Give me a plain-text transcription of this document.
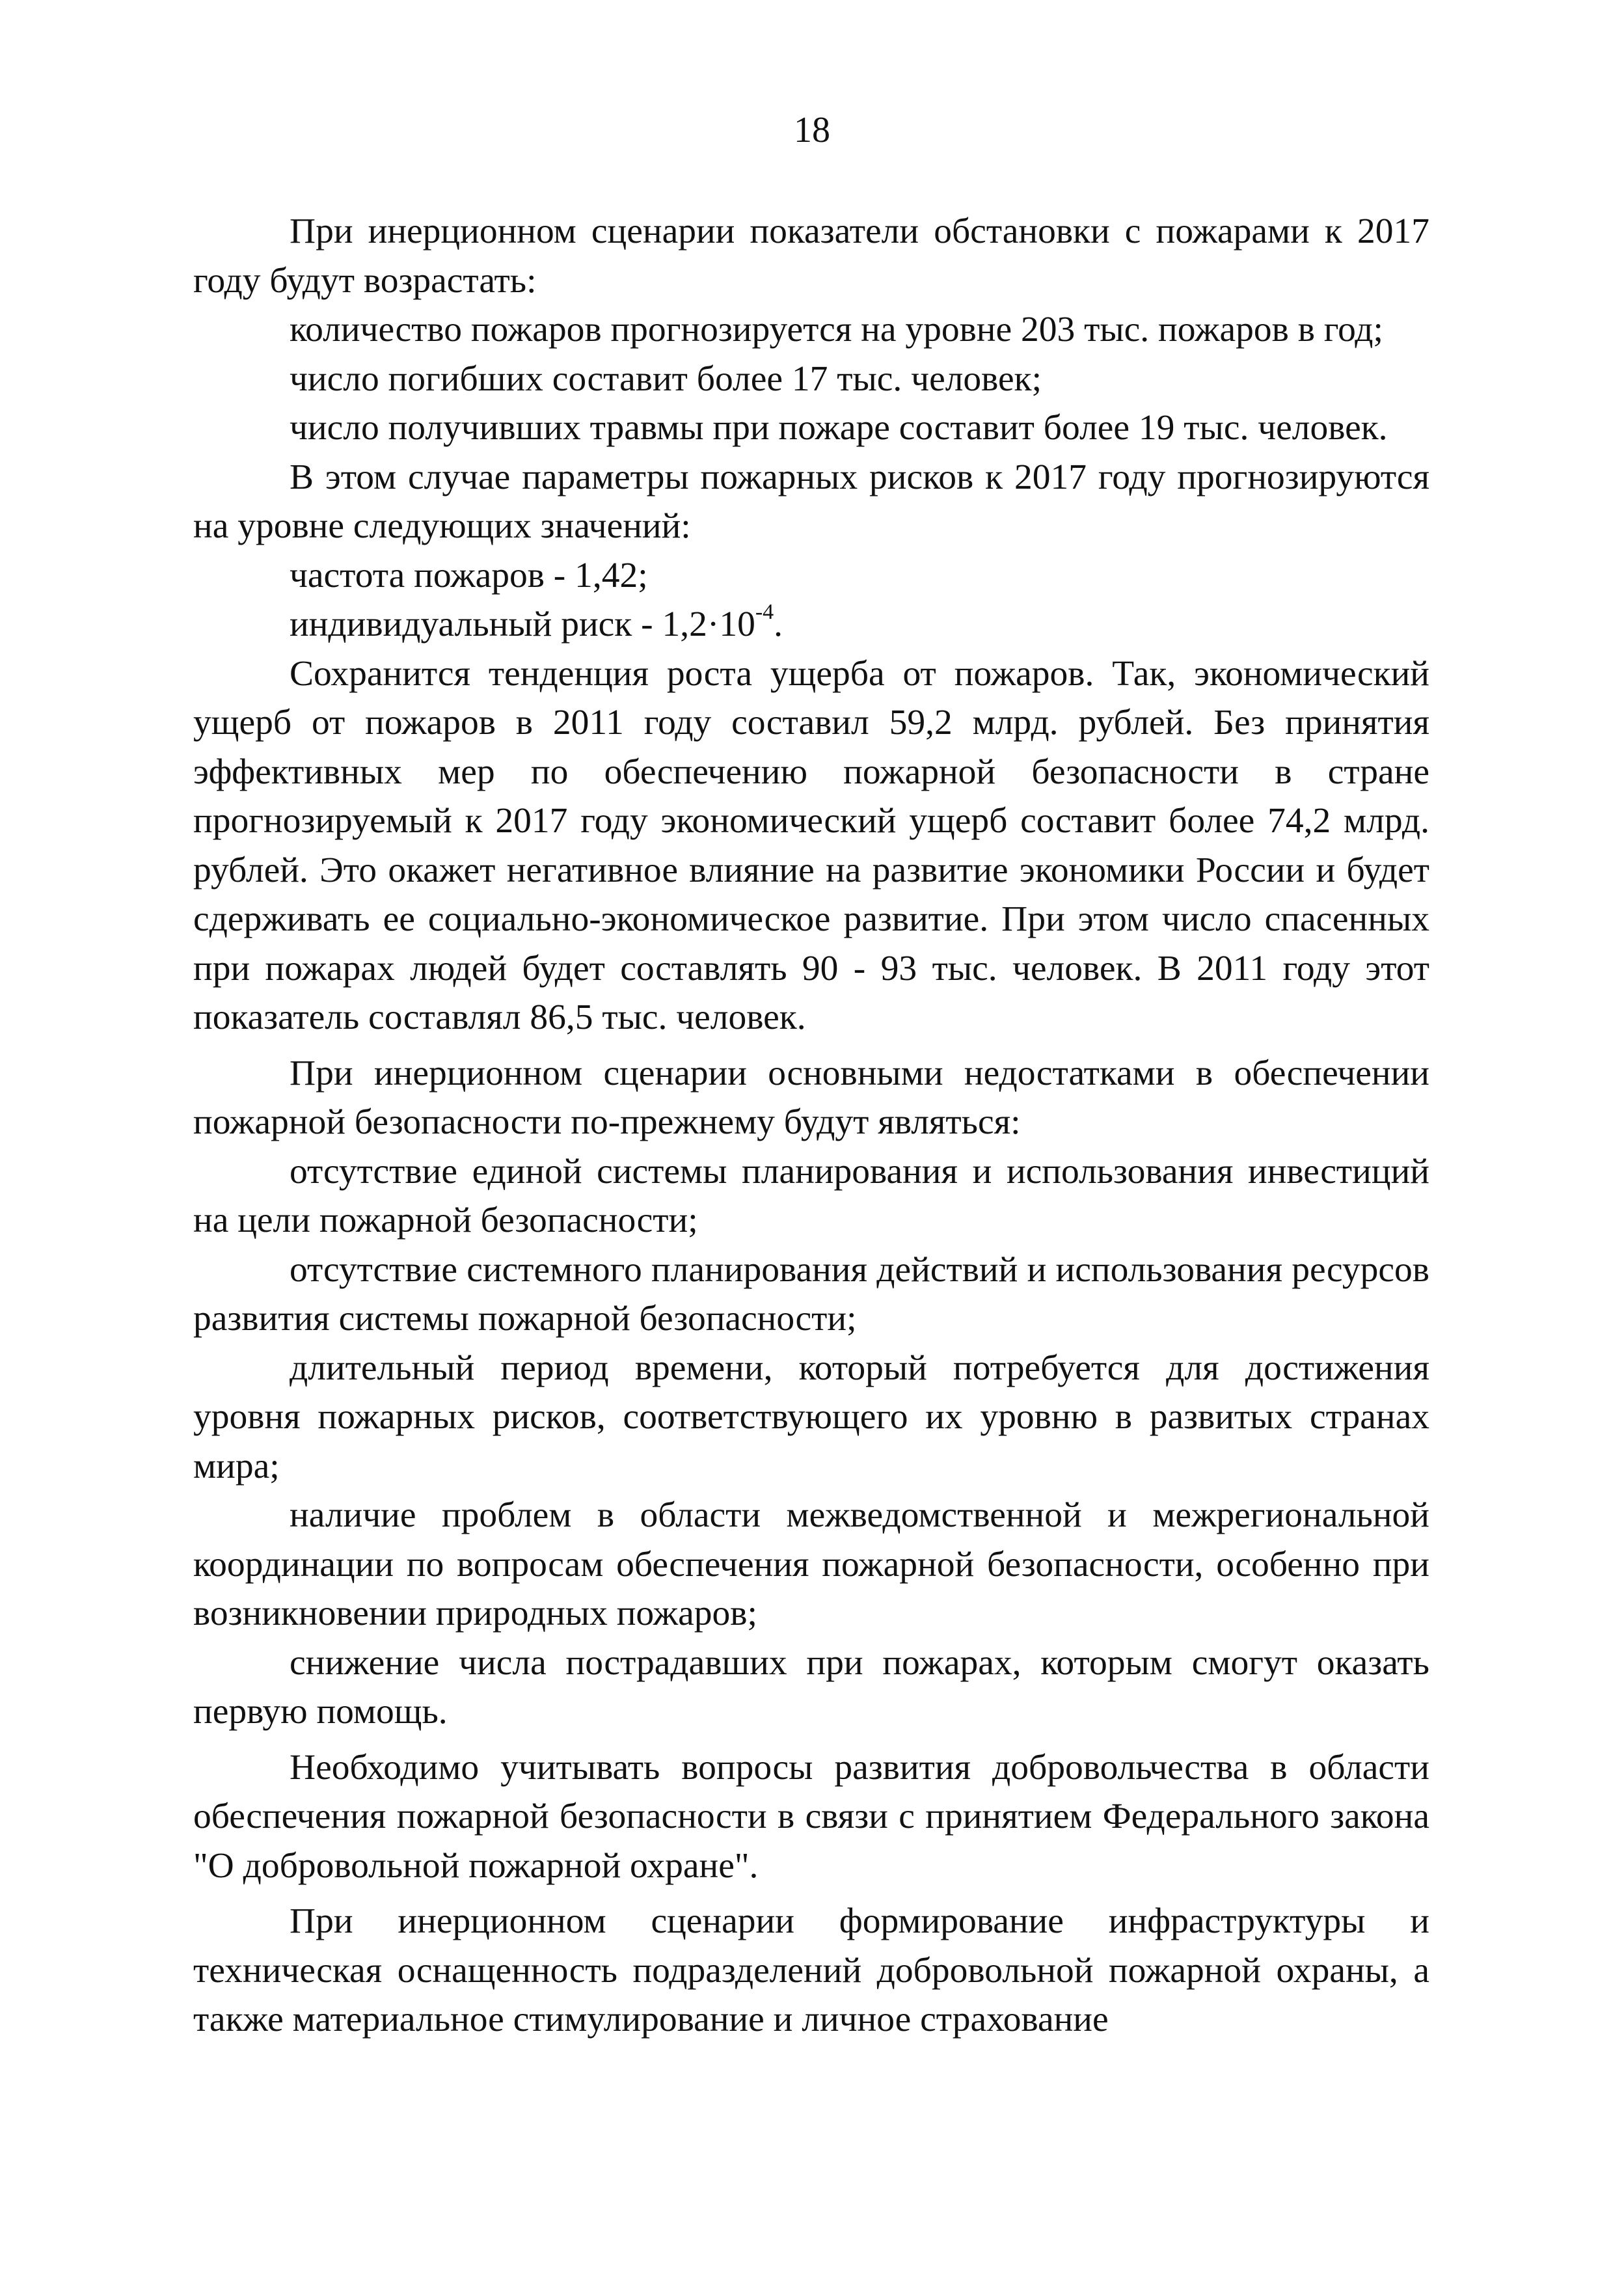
18

При инерционном сценарии показатели обстановки с пожарами к 2017 году будут возрастать:

количество пожаров прогнозируется на уровне 203 тыс. пожаров в год;

число погибших составит более 17 тыс. человек;

число получивших травмы при пожаре составит более 19 тыс. человек.

В этом случае параметры пожарных рисков к 2017 году прогнозируются на уровне следующих значений:

частота пожаров - 1,42;

индивидуальный риск - $1,2\cdot 10^{-4}$.

Сохранится тенденция роста ущерба от пожаров. Так, экономический ущерб от пожаров в 2011 году составил 59,2 млрд. рублей. Без принятия эффективных мер по обеспечению пожарной безопасности в стране прогнозируемый к 2017 году экономический ущерб составит более 74,2 млрд. рублей. Это окажет негативное влияние на развитие экономики России и будет сдерживать ее социально-экономическое развитие. При этом число спасенных при пожарах людей будет составлять 90 - 93 тыс. человек. В 2011 году этот показатель составлял 86,5 тыс. человек.

При инерционном сценарии основными недостатками в обеспечении пожарной безопасности по-прежнему будут являться:

отсутствие единой системы планирования и использования инвестиций на цели пожарной безопасности;

отсутствие системного планирования действий и использования ресурсов развития системы пожарной безопасности;

длительный период времени, который потребуется для достижения уровня пожарных рисков, соответствующего их уровню в развитых странах мира;

наличие проблем в области межведомственной и межрегиональной координации по вопросам обеспечения пожарной безопасности, особенно при возникновении природных пожаров;

снижение числа пострадавших при пожарах, которым смогут оказать первую помощь.

Необходимо учитывать вопросы развития добровольчества в области обеспечения пожарной безопасности в связи с принятием Федерального закона "О добровольной пожарной охране".

При инерционном сценарии формирование инфраструктуры и техническая оснащенность подразделений добровольной пожарной охраны, а также материальное стимулирование и личное страхование
